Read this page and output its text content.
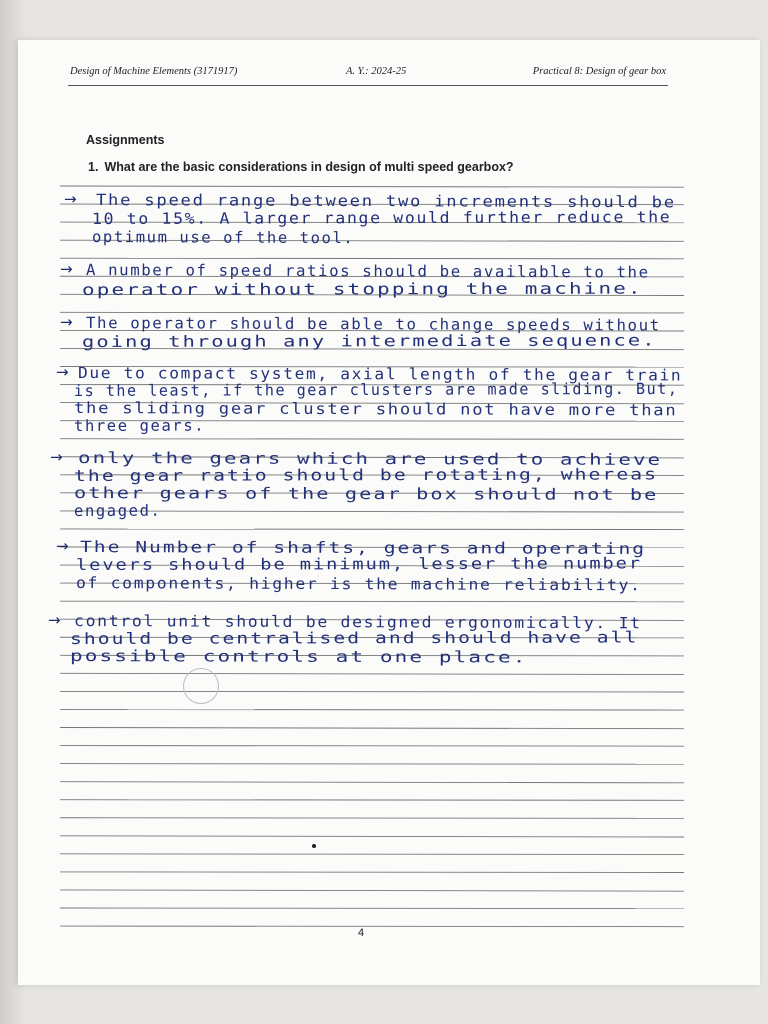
Design of Machine Elements (3171917)	A. Y.: 2024-25	Practical 8: Design of gear box
Assignments
1. What are the basic considerations in design of multi speed gearbox?
→ The speed range between two increments should be
10 to 15%. A larger range would further reduce the
optimum use of the tool.
→ A number of speed ratios should be available to the
operator without stopping the machine.
→ The operator should be able to change speeds without
going through any intermediate sequence.
→ Due to compact system, axial length of the gear train
is the least, if the gear clusters are made sliding. But,
the sliding gear cluster should not have more than
three gears.
→ only the gears which are used to achieve
the gear ratio should be rotating, whereas
other gears of the gear box should not be
engaged.
→ The Number of shafts, gears and operating
levers should be minimum, lesser the number
of components, higher is the machine reliability.
→ control unit should be designed ergonomically. It
should be centralised and should have all
possible controls at one place.
4
